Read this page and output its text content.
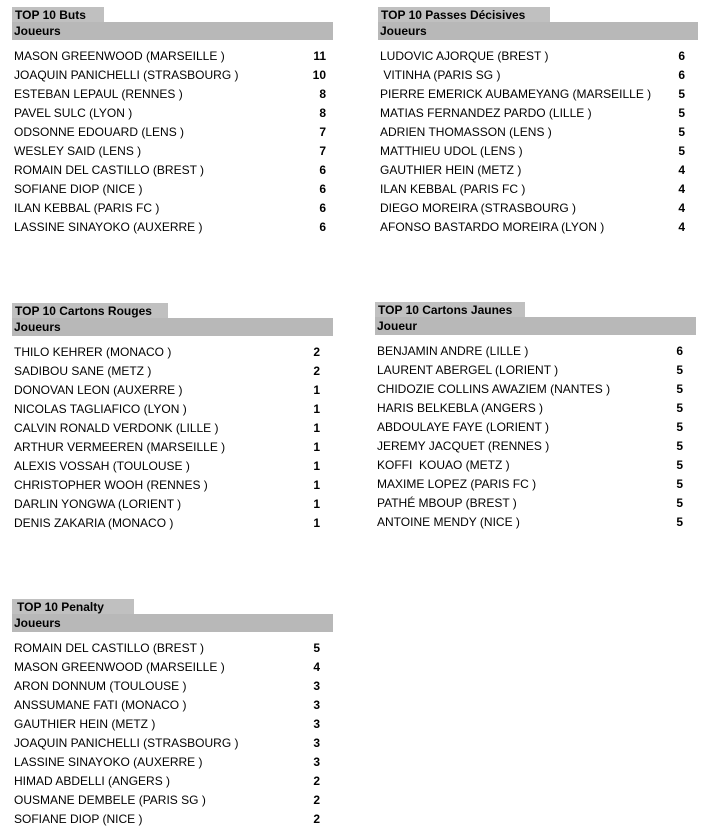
TOP 10 Buts
Joueurs
MASON GREENWOOD (MARSEILLE )	11
JOAQUIN PANICHELLI (STRASBOURG )	10
ESTEBAN LEPAUL (RENNES )	8
PAVEL SULC (LYON )	8
ODSONNE EDOUARD (LENS )	7
WESLEY SAID (LENS )	7
ROMAIN DEL CASTILLO (BREST )	6
SOFIANE DIOP (NICE )	6
ILAN KEBBAL (PARIS FC )	6
LASSINE SINAYOKO (AUXERRE )	6
TOP 10 Passes Décisives
Joueurs
LUDOVIC AJORQUE (BREST )	6
VITINHA (PARIS SG )	6
PIERRE EMERICK AUBAMEYANG (MARSEILLE ) 5
MATIAS FERNANDEZ PARDO (LILLE )	5
ADRIEN THOMASSON (LENS )	5
MATTHIEU UDOL (LENS )	5
GAUTHIER HEIN (METZ )	4
ILAN KEBBAL (PARIS FC )	4
DIEGO MOREIRA (STRASBOURG )	4
AFONSO BASTARDO MOREIRA (LYON )	4
TOP 10 Cartons Rouges
Joueurs
THILO KEHRER (MONACO )	2
SADIBOU SANE (METZ )	2
DONOVAN LEON (AUXERRE )	1
NICOLAS TAGLIAFICO (LYON )	1
CALVIN RONALD VERDONK (LILLE )	1
ARTHUR VERMEEREN (MARSEILLE )	1
ALEXIS VOSSAH (TOULOUSE )	1
CHRISTOPHER WOOH (RENNES )	1
DARLIN YONGWA (LORIENT )	1
DENIS ZAKARIA (MONACO )	1
TOP 10 Cartons Jaunes
Joueur
BENJAMIN ANDRE (LILLE )	6
LAURENT ABERGEL (LORIENT )	5
CHIDOZIE COLLINS AWAZIEM (NANTES )	5
HARIS BELKEBLA (ANGERS )	5
ABDOULAYE FAYE (LORIENT )	5
JEREMY JACQUET (RENNES )	5
KOFFI  KOUAO (METZ )	5
MAXIME LOPEZ (PARIS FC )	5
PATHÉ MBOUP (BREST )	5
ANTOINE MENDY (NICE )	5
TOP 10 Penalty
Joueurs
ROMAIN DEL CASTILLO (BREST )	5
MASON GREENWOOD (MARSEILLE )	4
ARON DONNUM (TOULOUSE )	3
ANSSUMANE FATI (MONACO )	3
GAUTHIER HEIN (METZ )	3
JOAQUIN PANICHELLI (STRASBOURG )	3
LASSINE SINAYOKO (AUXERRE )	3
HIMAD ABDELLI (ANGERS )	2
OUSMANE DEMBELE (PARIS SG )	2
SOFIANE DIOP (NICE )	2
